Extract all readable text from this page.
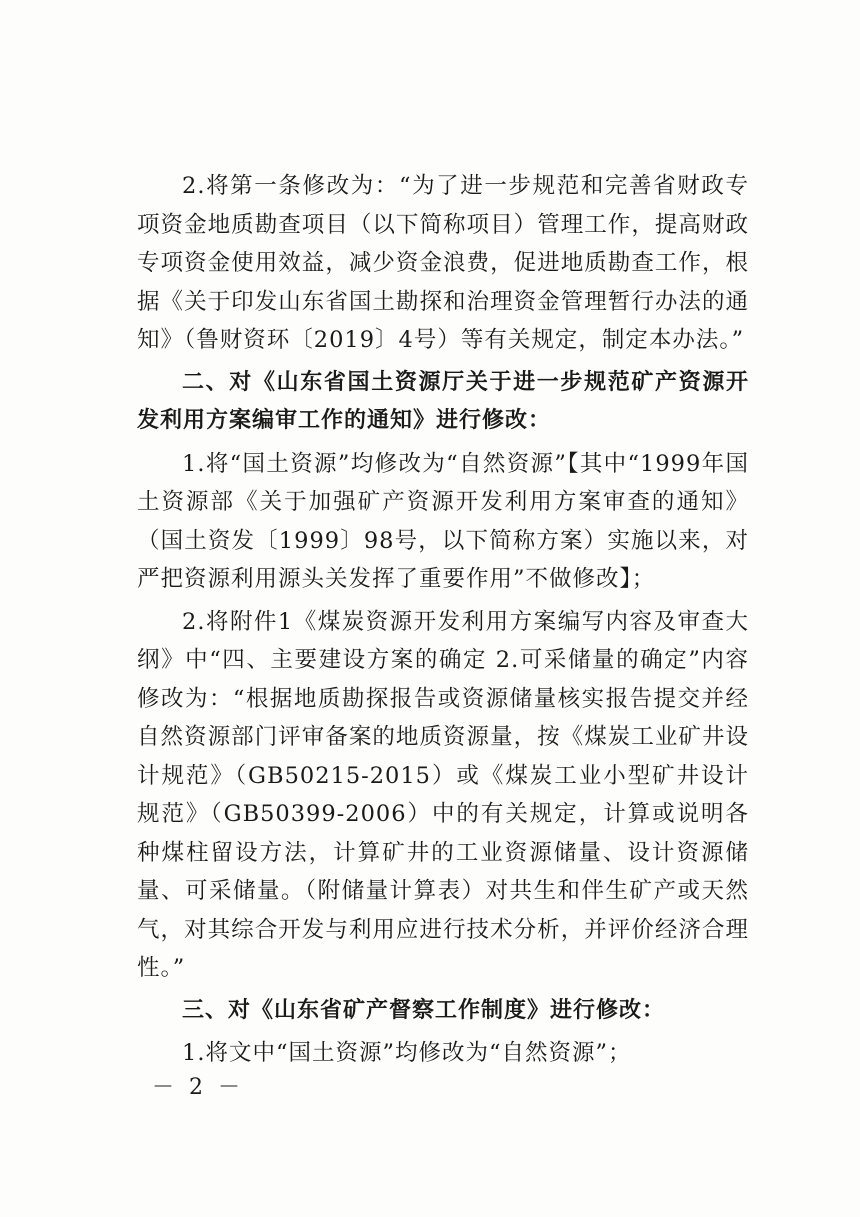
2.将第一条修改为：“为了进一步规范和完善省财政专项资金地质勘查项目（以下简称项目）管理工作，提高财政专项资金使用效益，减少资金浪费，促进地质勘查工作，根据《关于印发山东省国土勘探和治理资金管理暂行办法的通知》（鲁财资环〔2019〕4号）等有关规定，制定本办法。”

二、对《山东省国土资源厅关于进一步规范矿产资源开发利用方案编审工作的通知》进行修改：

1.将“国土资源”均修改为“自然资源”【其中“1999年国土资源部《关于加强矿产资源开发利用方案审查的通知》（国土资发〔1999〕98号，以下简称方案）实施以来，对严把资源利用源头关发挥了重要作用”不做修改】；

2.将附件1《煤炭资源开发利用方案编写内容及审查大纲》中“四、主要建设方案的确定 2.可采储量的确定”内容修改为：“根据地质勘探报告或资源储量核实报告提交并经自然资源部门评审备案的地质资源量，按《煤炭工业矿井设计规范》（GB50215-2015）或《煤炭工业小型矿井设计规范》（GB50399-2006）中的有关规定，计算或说明各种煤柱留设方法，计算矿井的工业资源储量、设计资源储量、可采储量。（附储量计算表）对共生和伴生矿产或天然气，对其综合开发与利用应进行技术分析，并评价经济合理性。”

三、对《山东省矿产督察工作制度》进行修改：

1.将文中“国土资源”均修改为“自然资源”；

－ 2 －
